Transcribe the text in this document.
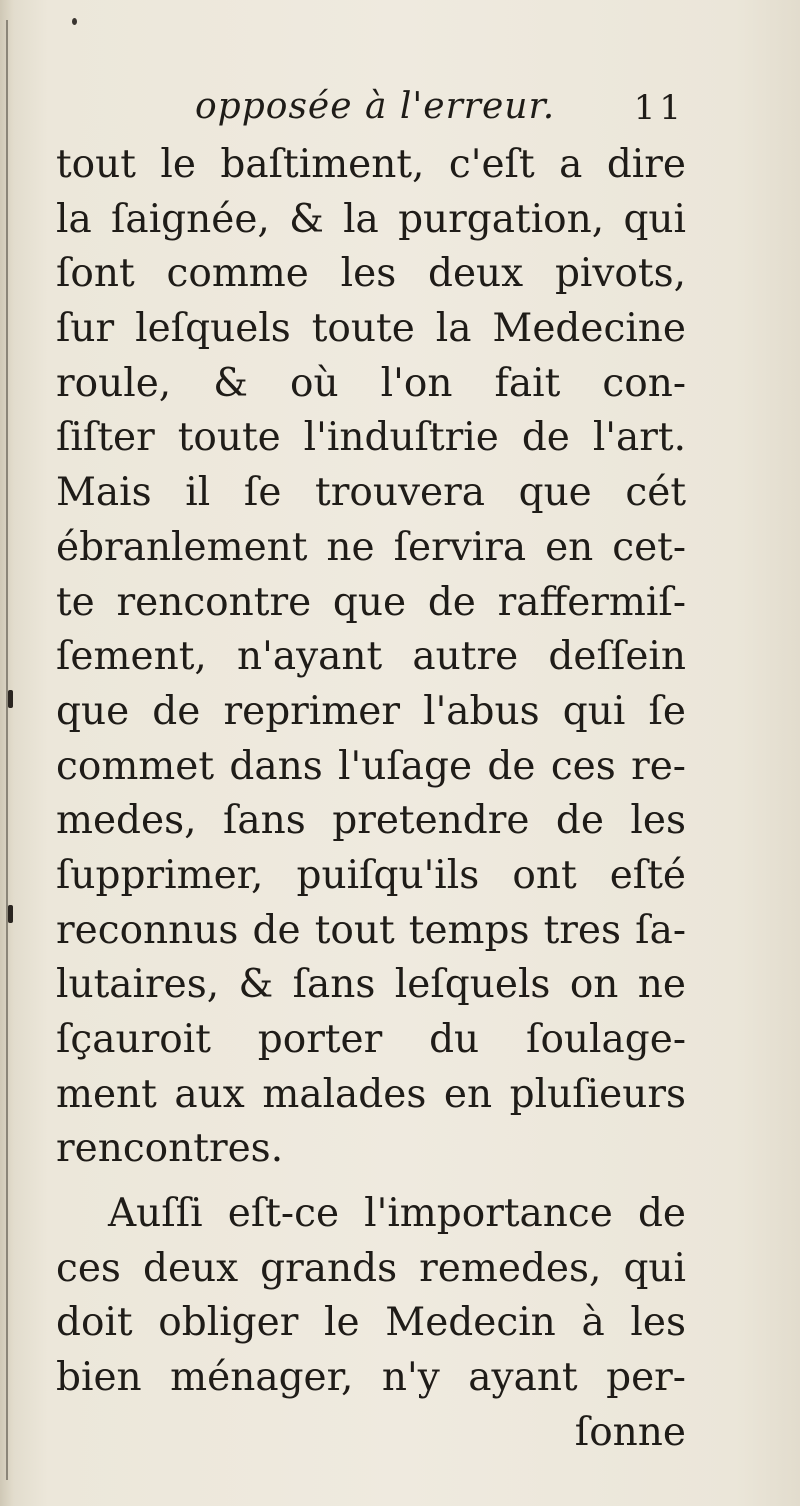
opposée à l'erreur. 11
tout le baſtiment, c'eſt a dire
la ſaignée, & la purgation, qui
ſont comme les deux pivots,
ſur leſquels toute la Medecine
roule, & où l'on fait con-
ſiſter toute l'induſtrie de l'art.
Mais il ſe trouvera que cét
ébranlement ne ſervira en cet-
te rencontre que de raffermiſ-
ſement, n'ayant autre deſſein
que de reprimer l'abus qui ſe
commet dans l'uſage de ces re-
medes, ſans pretendre de les
ſupprimer, puiſqu'ils ont eſté
reconnus de tout temps tres ſa-
lutaires, & ſans leſquels on ne
ſçauroit porter du ſoulage-
ment aux malades en pluſieurs
rencontres.
Auſſi eſt-ce l'importance de
ces deux grands remedes, qui
doit obliger le Medecin à les
bien ménager, n'y ayant per-
ſonne
